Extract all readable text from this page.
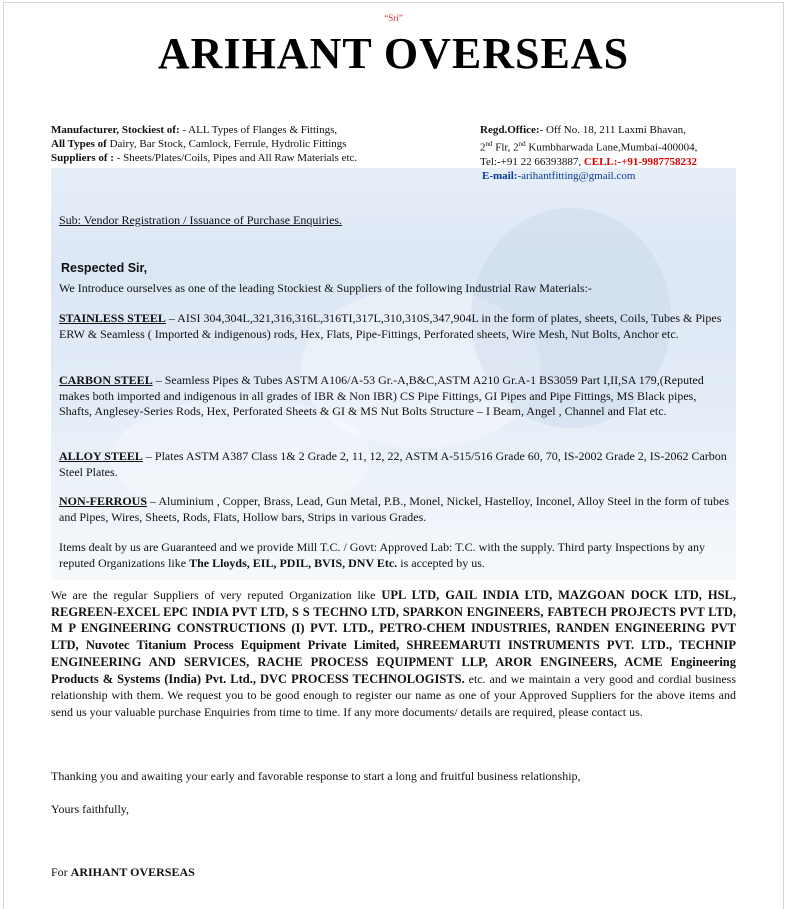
“Sri”
ARIHANT OVERSEAS
Manufacturer, Stockiest of: - ALL Types of Flanges & Fittings,
All Types of Dairy, Bar Stock, Camlock, Ferrule, Hydrolic Fittings
Suppliers of : - Sheets/Plates/Coils, Pipes and All Raw Materials etc.
Regd.Office:- Off No. 18, 211 Laxmi Bhavan,
2nd Flr, 2nd Kumbharwada Lane,Mumbai-400004,
Tel:-+91 22 66393887, CELL:-+91-9987758232
E-mail:-arihantfitting@gmail.com
Sub: Vendor Registration / Issuance of Purchase Enquiries.
Respected Sir,
We Introduce ourselves as one of the leading Stockiest & Suppliers of the following Industrial Raw Materials:-
STAINLESS STEEL – AISI 304,304L,321,316,316L,316TI,317L,310,310S,347,904L in the form of plates, sheets, Coils, Tubes & Pipes ERW & Seamless ( Imported & indigenous) rods, Hex, Flats, Pipe-Fittings, Perforated sheets, Wire Mesh, Nut Bolts, Anchor etc.
CARBON STEEL – Seamless Pipes & Tubes ASTM A106/A-53 Gr.-A,B&C,ASTM A210 Gr.A-1 BS3059 Part I,II,SA 179,(Reputed makes both imported and indigenous in all grades of IBR & Non IBR) CS Pipe Fittings, GI Pipes and Pipe Fittings, MS Black pipes, Shafts, Anglesey-Series Rods, Hex, Perforated Sheets & GI & MS Nut Bolts Structure – I Beam, Angel , Channel and Flat etc.
ALLOY STEEL – Plates ASTM A387 Class 1& 2 Grade 2, 11, 12, 22, ASTM A-515/516 Grade 60, 70, IS-2002 Grade 2, IS-2062 Carbon Steel Plates.
NON-FERROUS – Aluminium , Copper, Brass, Lead, Gun Metal, P.B., Monel, Nickel, Hastelloy, Inconel, Alloy Steel in the form of tubes and Pipes, Wires, Sheets, Rods, Flats, Hollow bars, Strips in various Grades.
Items dealt by us are Guaranteed and we provide Mill T.C. / Govt: Approved Lab: T.C. with the supply. Third party Inspections by any reputed Organizations like The Lloyds, EIL, PDIL, BVIS, DNV Etc. is accepted by us.
We are the regular Suppliers of very reputed Organization like UPL LTD, GAIL INDIA LTD, MAZGOAN DOCK LTD, HSL, REGREEN-EXCEL EPC INDIA PVT LTD, S S TECHNO LTD, SPARKON ENGINEERS, FABTECH PROJECTS PVT LTD, M P ENGINEERING CONSTRUCTIONS (I) PVT. LTD., PETRO-CHEM INDUSTRIES, RANDEN ENGINEERING PVT LTD, Nuvotec Titanium Process Equipment Private Limited, SHREEMARUTI INSTRUMENTS PVT. LTD., TECHNIP ENGINEERING AND SERVICES, RACHE PROCESS EQUIPMENT LLP, AROR ENGINEERS, ACME Engineering Products & Systems (India) Pvt. Ltd., DVC PROCESS TECHNOLOGISTS. etc. and we maintain a very good and cordial business relationship with them. We request you to be good enough to register our name as one of your Approved Suppliers for the above items and send us your valuable purchase Enquiries from time to time. If any more documents/ details are required, please contact us.
Thanking you and awaiting your early and favorable response to start a long and fruitful business relationship,
Yours faithfully,
For ARIHANT OVERSEAS
